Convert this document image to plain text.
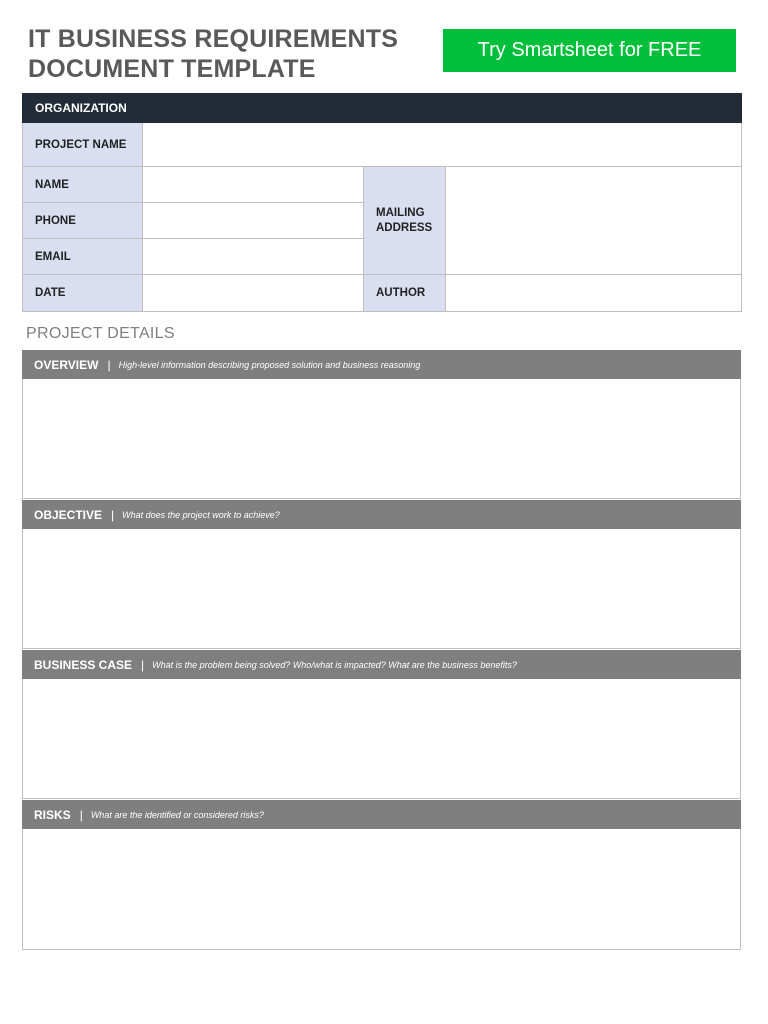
IT BUSINESS REQUIREMENTS
DOCUMENT TEMPLATE
Try Smartsheet for FREE
ORGANIZATION			
PROJECT NAME			
NAME		MAILING
ADDRESS	

PHONE			
EMAIL			
DATE		AUTHOR	
PROJECT DETAILS
OVERVIEW | High-level information describing proposed solution and business reasoning
OBJECTIVE | What does the project work to achieve?
BUSINESS CASE | What is the problem being solved? Who/what is impacted? What are the business benefits?
RISKS | What are the identified or considered risks?
